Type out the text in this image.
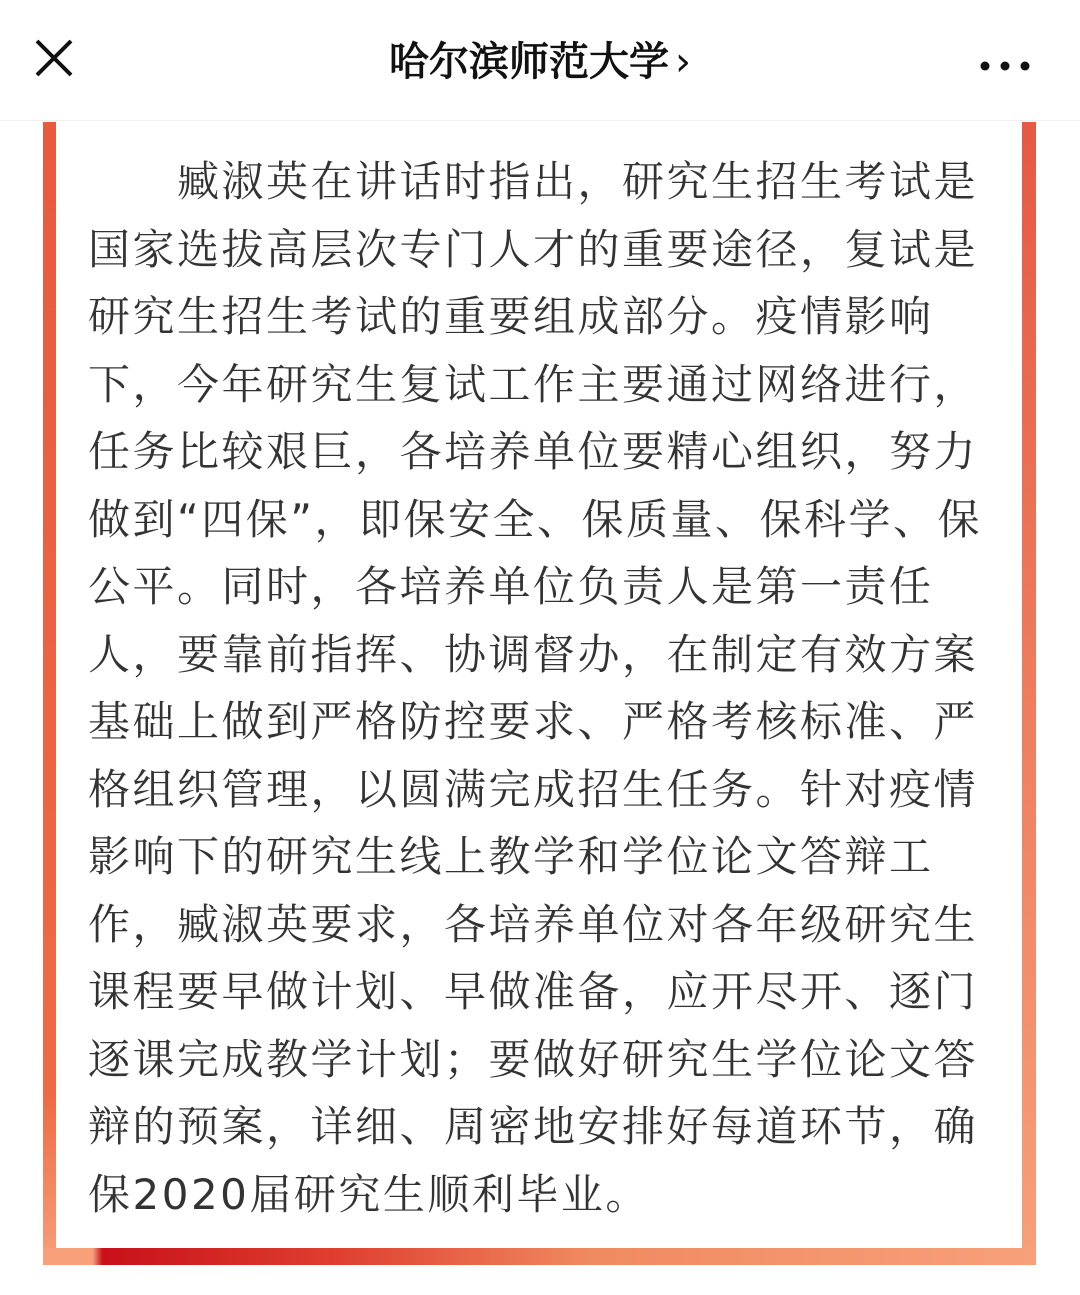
哈尔滨师范大学 ›
　　臧淑英在讲话时指出，研究生招生考试是
国家选拔高层次专门人才的重要途径，复试是
研究生招生考试的重要组成部分。疫情影响
下，今年研究生复试工作主要通过网络进行，
任务比较艰巨，各培养单位要精心组织，努力
做到“四保”，即保安全、保质量、保科学、保
公平。同时，各培养单位负责人是第一责任
人，要靠前指挥、协调督办，在制定有效方案
基础上做到严格防控要求、严格考核标准、严
格组织管理，以圆满完成招生任务。针对疫情
影响下的研究生线上教学和学位论文答辩工
作，臧淑英要求，各培养单位对各年级研究生
课程要早做计划、早做准备，应开尽开、逐门
逐课完成教学计划；要做好研究生学位论文答
辩的预案，详细、周密地安排好每道环节，确
保2020届研究生顺利毕业。
